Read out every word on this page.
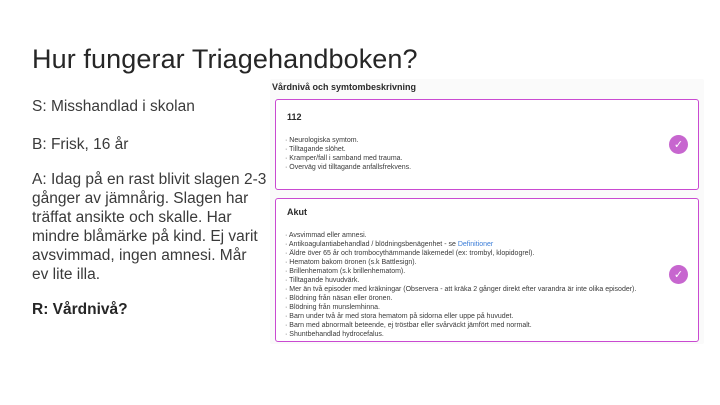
Hur fungerar Triagehandboken?

S: Misshandlad i skolan

B: Frisk, 16 år

A: Idag på en rast blivit slagen 2-3 gånger av jämnårig. Slagen har träffat ansikte och skalle. Har mindre blåmärke på kind. Ej varit avsvimmad, ingen amnesi. Mår ev lite illa.

R: Vårdnivå?

Vårdnivå och symtombeskrivning
112
· Neurologiska symtom.
· Tilltagande slöhet.
· Kramper/fall i samband med trauma.
· Överväg vid tilltagande anfallsfrekvens.
✓
Akut
· Avsvimmad eller amnesi.
· Antikoagulantiabehandlad / blödningsbenägenhet - se Definitioner
· Äldre över 65 år och trombocythämmande läkemedel (ex: trombyl, klopidogrel).
· Hematom bakom öronen (s.k Battlesign).
· Brillenhematom (s.k brillenhematom).
· Tilltagande huvudvärk.
· Mer än två episoder med kräkningar (Observera - att kräka 2 gånger direkt efter varandra är inte olika episoder).
· Blödning från näsan eller öronen.
· Blödning från munslemhinna.
· Barn under två år med stora hematom på sidorna eller uppe på huvudet.
· Barn med abnormalt beteende, ej tröstbar eller svårväckt jämfört med normalt.
· Shuntbehandlad hydrocefalus.
✓
